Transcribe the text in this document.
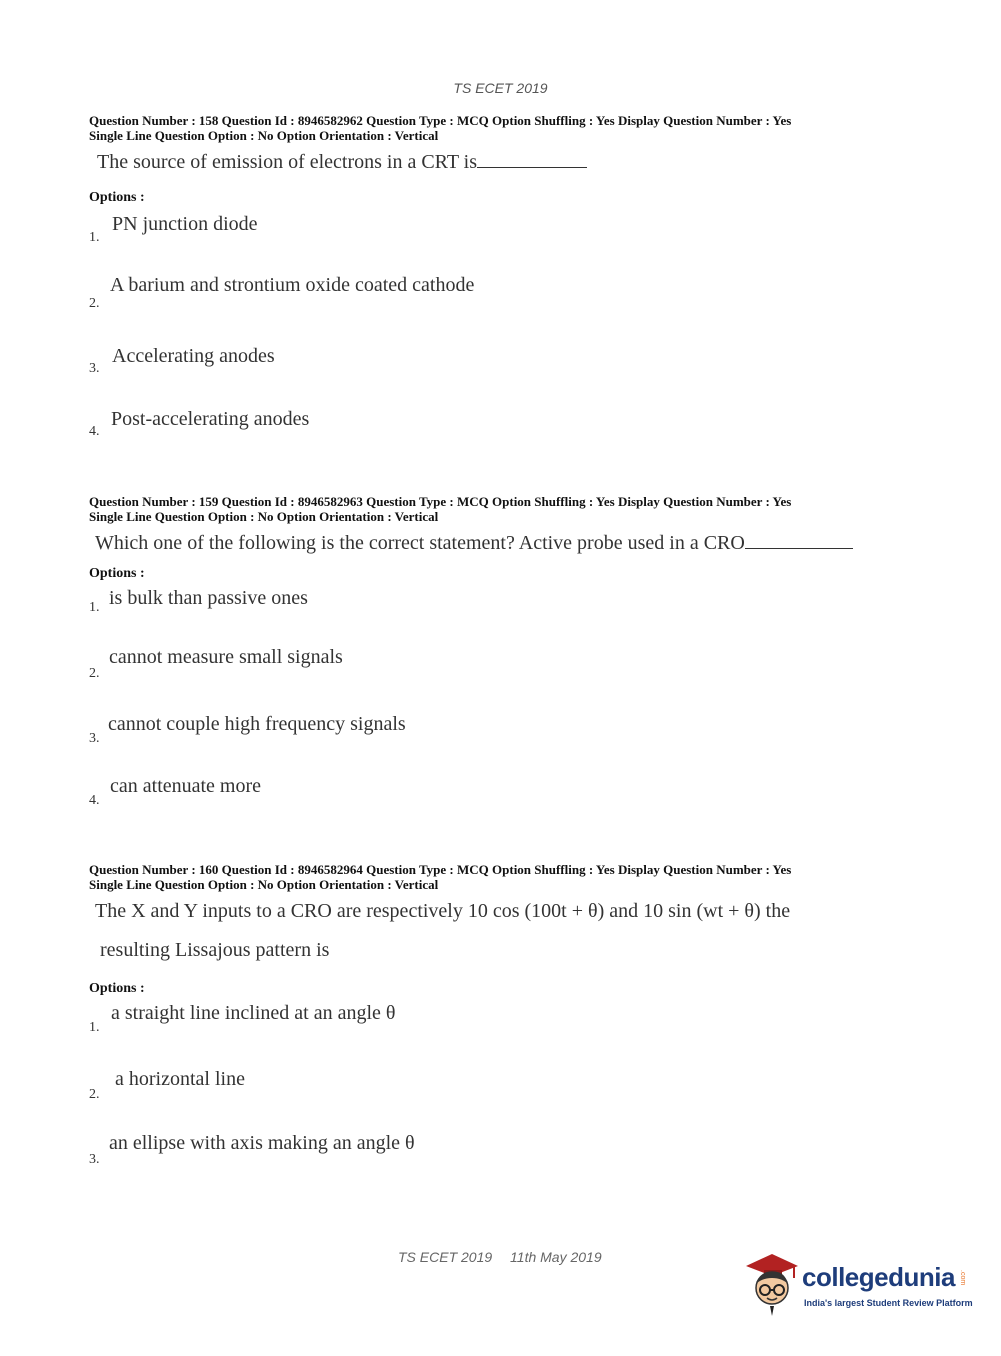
TS ECET 2019
Question Number : 158 Question Id : 8946582962 Question Type : MCQ Option Shuffling : Yes Display Question Number : Yes
Single Line Question Option : No Option Orientation : Vertical
The source of emission of electrons in a CRT is
Options :
1.
PN junction diode
2.
A barium and strontium oxide coated cathode
3.
Accelerating anodes
4.
Post-accelerating anodes
Question Number : 159 Question Id : 8946582963 Question Type : MCQ Option Shuffling : Yes Display Question Number : Yes
Single Line Question Option : No Option Orientation : Vertical
Which one of the following is the correct statement? Active probe used in a CRO
Options :
1. is bulk than passive ones
2.
cannot measure small signals
3.
cannot couple high frequency signals
4.
can attenuate more
Question Number : 160 Question Id : 8946582964 Question Type : MCQ Option Shuffling : Yes Display Question Number : Yes
Single Line Question Option : No Option Orientation : Vertical
The X and Y inputs to a CRO are respectively 10 cos (100t + θ) and 10 sin (wt + θ) the
resulting Lissajous pattern is
Options :
1.
a straight line inclined at an angle θ
2.
a horizontal line
3.
an ellipse with axis making an angle θ
TS ECET 2019 11th May 2019
collegedunia .com
India's largest Student Review Platform
